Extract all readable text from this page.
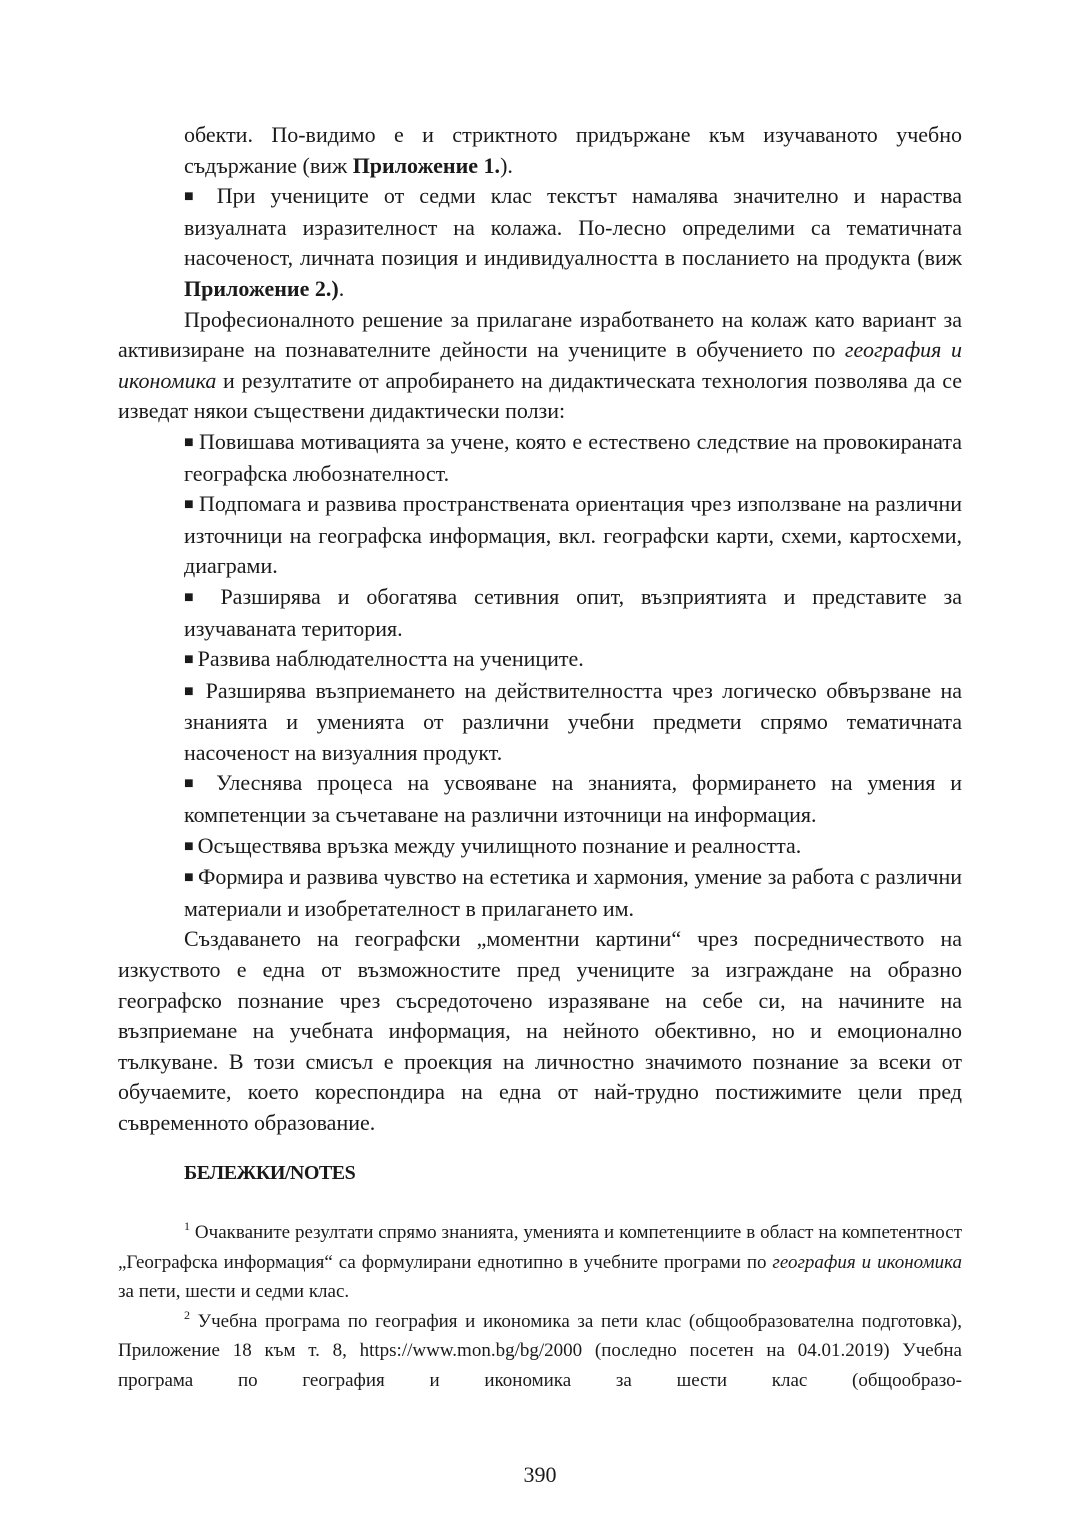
обекти. По-видимо е и стриктното придържане към изучаваното учебно съдържание (виж Приложение 1.).

■ При учениците от седми клас текстът намалява значително и нараства визуалната изразителност на колажа. По-лесно определими са тематичната насоченост, личната позиция и индивидуалността в посланието на продукта (виж Приложение 2.).

Професионалното решение за прилагане изработването на колаж като вариант за активизиране на познавателните дейности на учениците в обучението по география и икономика и резултатите от апробирането на дидактическата технология позволява да се изведат някои съществени дидактически ползи:

■ Повишава мотивацията за учене, която е естествено следствие на провокираната географска любознателност.

■ Подпомага и развива пространствената ориентация чрез използване на различни източници на географска информация, вкл. географски карти, схеми, картосхеми, диаграми.

■ Разширява и обогатява сетивния опит, възприятията и представите за изучаваната територия.

■ Развива наблюдателността на учениците.

■ Разширява възприемането на действителността чрез логическо обвързване на знанията и уменията от различни учебни предмети спрямо тематичната насоченост на визуалния продукт.

■ Улеснява процеса на усвояване на знанията, формирането на умения и компетенции за съчетаване на различни източници на информация.

■ Осъществява връзка между училищното познание и реалността.

■ Формира и развива чувство на естетика и хармония, умение за работа с различни материали и изобретателност в прилагането им.

Създаването на географски „моментни картини“ чрез посредничеството на изкуството е една от възможностите пред учениците за изграждане на образно географско познание чрез съсредоточено изразяване на себе си, на начините на възприемане на учебната информация, на нейното обективно, но и емоционално тълкуване. В този смисъл е проекция на личностно значимото познание за всеки от обучаемите, което кореспондира на една от най-трудно постижимите цели пред съвременното образование.

БЕЛЕЖКИ/NOTES

$^1$ Очакваните резултати спрямо знанията, уменията и компетенциите в област на компетентност „Географска информация“ са формулирани еднотипно в учебните програми по география и икономика за пети, шести и седми клас.

$^2$ Учебна програма по география и икономика за пети клас (общообразователна подготовка), Приложение 18 към т. 8, https://www.mon.bg/bg/2000 (последно посетен на 04.01.2019) Учебна програма по география и икономика за шести клас (общообразо-

390
